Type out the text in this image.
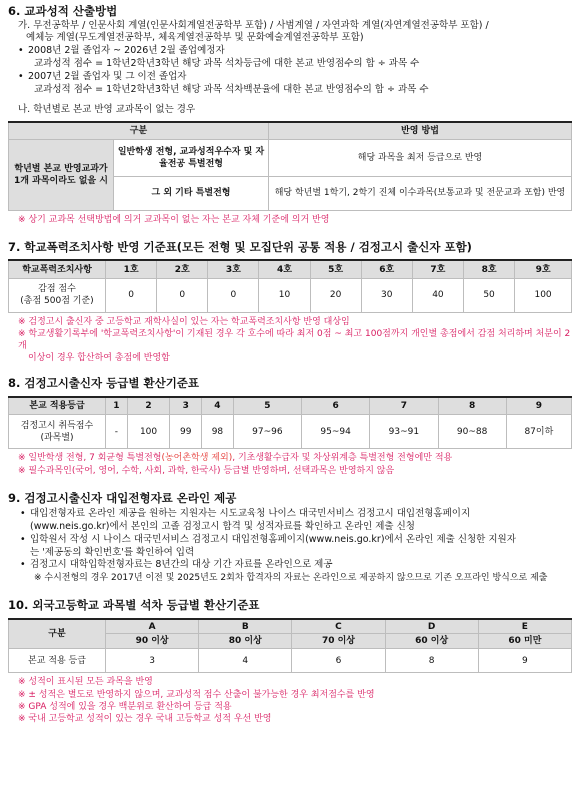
6. 교과성적 산출방법
가. 무전공학부 / 인문사회 계열(인문사회계열전공학부 포함) / 사범계열 / 자연과학 계열(자연계열전공학부 포함) /
예체능 계열(무도계열전공학부, 체육계열전공학부 및 문화예술계열전공학부 포함)
• 2008년 2월 졸업자 ~ 2026년 2월 졸업예정자
교과성적 점수 = 1학년2학년3학년 해당 과목 석차등급에 대한 본교 반영점수의 합 ÷ 과목 수
• 2007년 2월 졸업자 및 그 이전 졸업자
교과성적 점수 = 1학년2학년3학년 해당 과목 석차백분율에 대한 본교 반영점수의 합 ÷ 과목 수
나. 학년별로 본교 반영 교과목이 없는 경우
구분		반영 방법
학년별 본교 반영교과가 1개 과목이라도 없을 시	일반학생 전형, 교과성적우수자 및 자율전공 특별전형	해당 과목을 최저 등급으로 반영
	그 외 기타 특별전형	해당 학년별 1학기, 2학기 진체 이수과목(보통교과 및 전문교과 포함) 반영
※ 상기 교과목 선택방법에 의거 교과목이 없는 자는 본교 자체 기준에 의거 반영
7. 학교폭력조치사항 반영 기준표(모든 전형 및 모집단위 공통 적용 / 검정고시 출신자 포함)
학교폭력조치사항	1호	2호	3호	4호	5호	6호	7호	8호	9호
감점 점수
(총점 500점 기준)	0	0	0	10	20	30	40	50	100
※ 검정고시 출신자 중 고등학교 재학사실이 있는 자는 학교폭력조치사항 반영 대상임
※ 학교생활기록부에 '학교폭력조치사항'이 기재된 경우 각 호수에 따라 최저 0점 ~ 최고 100점까지 개인별 총점에서 감점 처리하며 처분이 2개
이상이 경우 합산하여 총점에 반영함
8. 검정고시출신자 등급별 환산기준표
본교 적용등급	1	2	3	4	5	6	7	8	9
검정고시 취득점수
(과목별)	-	100	99	98	97~96	95~94	93~91	90~88	87이하
※ 일반학생 전형, 7 회균형 특별전형(농어촌학생 제외), 기초생활수급자 및 차상위계층 특별전형 전형에만 적용
※ 필수과목인(국어, 영어, 수학, 사회, 과학, 한국사) 등급별 반영하며, 선택과목은 반영하지 않음
9. 검정고시출신자 대입전형자료 온라인 제공
• 대입전형자료 온라인 제공을 원하는 지원자는 시도교육청 나이스 대국민서비스 검정고시 대입전형홈페이지
(www.neis.go.kr)에서 본인의 고졸 검정고시 합격 및 성적자료를 확인하고 온라인 제출 신청
• 입학원서 작성 시 나이스 대국민서비스 검정고시 대입전형홈페이지(www.neis.go.kr)에서 온라인 제출 신청한 지원자
는 '제공동의 확인번호'를 확인하여 입력
• 검정고시 대학입학전형자료는 8년간의 대상 기간 자료를 온라인으로 제공
※ 수시전형의 경우 2017년 이전 및 2025년도 2회차 합격자의 자료는 온라인으로 제공하지 않으므로 기존 오프라인 방식으로 제출
10. 외국고등학교 과목별 석차 등급별 환산기준표
구분	A	B	C	D	E
	90 이상	80 이상	70 이상	60 이상	60 미만
본교 적용 등급	3	4	6	8	9
※ 성적이 표시된 모든 과목을 반영
※ ± 성적은 별도로 반영하지 않으며, 교과성적 점수 산출이 불가능한 경우 최저점수를 반영
※ GPA 성적에 있을 경우 백분위로 환산하여 등급 적용
※ 국내 고등학교 성적이 있는 경우 국내 고등학교 성적 우선 반영
